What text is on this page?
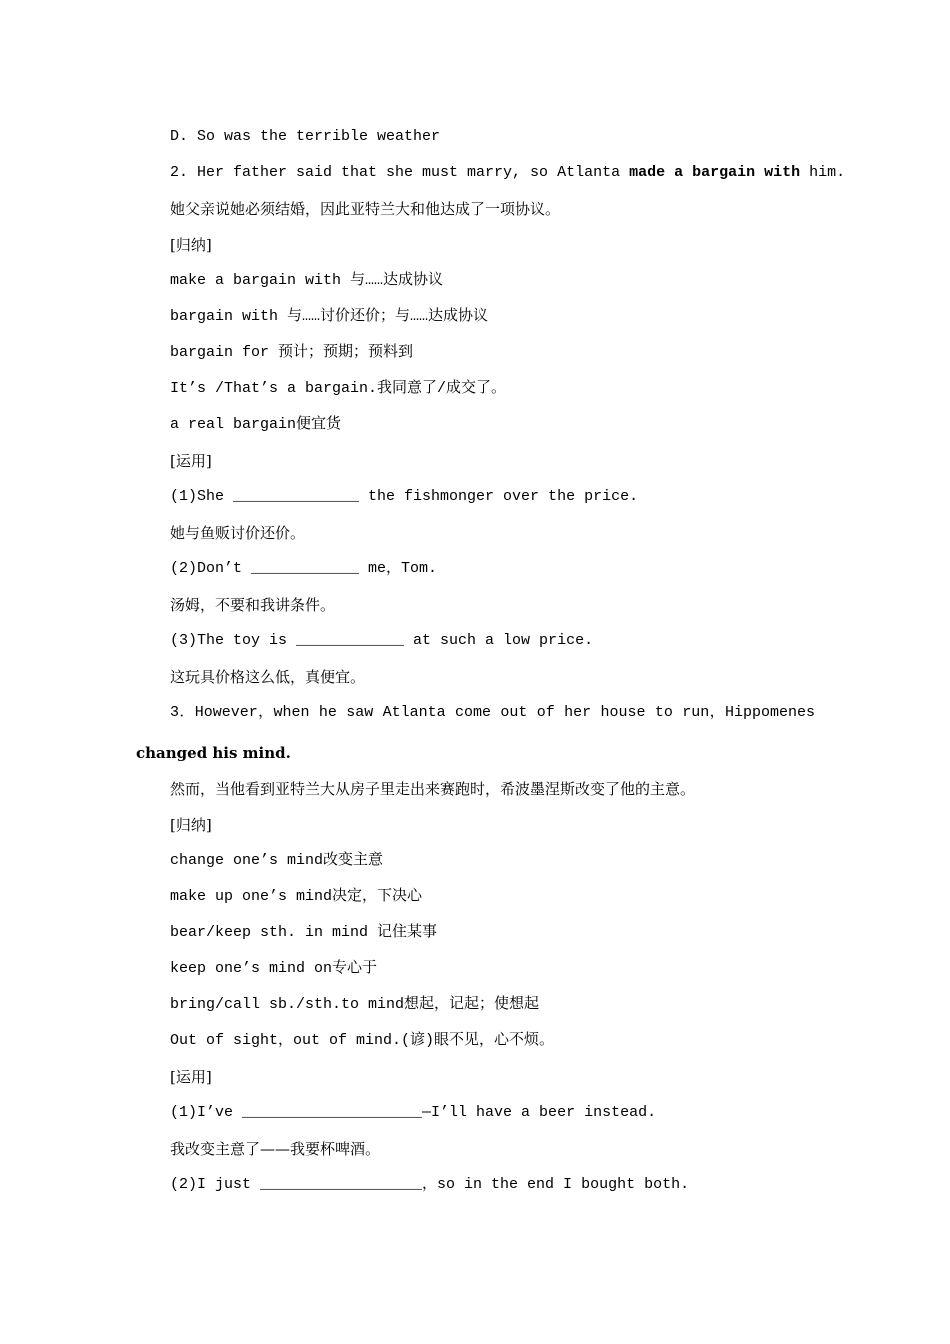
D. So was the terrible weather
2. Her father said that she must marry, so Atlanta made a bargain with him.
她父亲说她必须结婚，因此亚特兰大和他达成了一项协议。
[归纳]
make a bargain with 与……达成协议
bargain with 与……讨价还价；与……达成协议
bargain for 预计；预期；预料到
It’s /That’s a bargain.我同意了/成交了。
a real bargain便宜货
[运用]
(1)She ______________ the fishmonger over the price.
她与鱼贩讨价还价。
(2)Don’t ____________ me，Tom.
汤姆，不要和我讲条件。
(3)The toy is ____________ at such a low price.
这玩具价格这么低，真便宜。
3．However，when he saw Atlanta come out of her house to run，Hippomenes
changed his mind.
然而，当他看到亚特兰大从房子里走出来赛跑时，希波墨涅斯改变了他的主意。
[归纳]
change one’s mind改变主意
make up one’s mind决定，下决心
bear/keep sth. in mind 记住某事
keep one’s mind on专心于
bring/call sb./sth.to mind想起，记起；使想起
Out of sight，out of mind.(谚)眼不见，心不烦。
[运用]
(1)I’ve ____________________—I’ll have a beer instead.
我改变主意了——我要杯啤酒。
(2)I just __________________，so in the end I bought both.
